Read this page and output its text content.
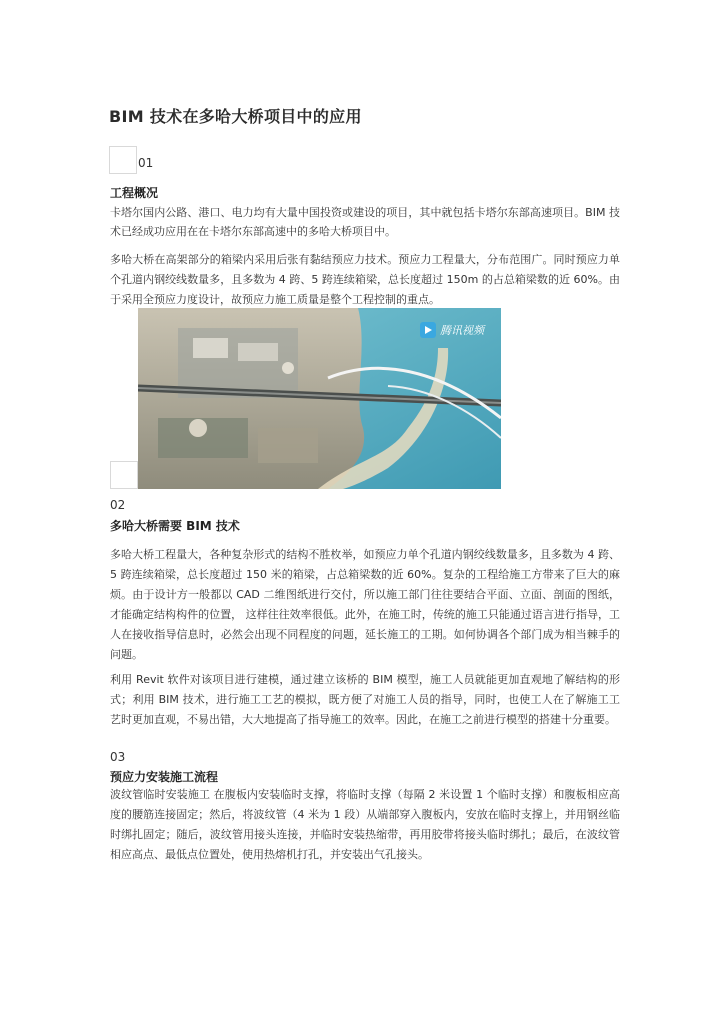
BIM 技术在多哈大桥项目中的应用
01
工程概况

卡塔尔国内公路、港口、电力均有大量中国投资或建设的项目，其中就包括卡塔尔东部高速项目。BIM 技术已经成功应用在在卡塔尔东部高速中的多哈大桥项目中。

多哈大桥在高架部分的箱梁内采用后张有黏结预应力技术。预应力工程量大，分布范围广。同时预应力单个孔道内钢绞线数量多，且多数为 4 跨、5 跨连续箱梁，总长度超过 150m 的占总箱梁数的近 60%。由于采用全预应力度设计，故预应力施工质量是整个工程控制的重点。

腾讯视频
02
多哈大桥需要 BIM 技术

多哈大桥工程量大，各种复杂形式的结构不胜枚举，如预应力单个孔道内钢绞线数量多，且多数为 4 跨、5 跨连续箱梁，总长度超过 150 米的箱梁，占总箱梁数的近 60%。复杂的工程给施工方带来了巨大的麻烦。由于设计方一般都以 CAD 二维图纸进行交付，所以施工部门往往要结合平面、立面、剖面的图纸，才能确定结构构件的位置， 这样往往效率很低。此外，在施工时，传统的施工只能通过语言进行指导，工人在接收指导信息时，必然会出现不同程度的问题，延长施工的工期。如何协调各个部门成为相当棘手的问题。

利用 Revit 软件对该项目进行建模，通过建立该桥的 BIM 模型，施工人员就能更加直观地了解结构的形式；利用 BIM 技术，进行施工工艺的模拟，既方便了对施工人员的指导，同时，也使工人在了解施工工艺时更加直观，不易出错，大大地提高了指导施工的效率。因此，在施工之前进行模型的搭建十分重要。

03
预应力安装施工流程

波纹管临时安装施工 在腹板内安装临时支撑，将临时支撑（每隔 2 米设置 1 个临时支撑）和腹板相应高度的腰筋连接固定；然后，将波纹管（4 米为 1 段）从端部穿入腹板内，安放在临时支撑上，并用钢丝临时绑扎固定；随后，波纹管用接头连接，并临时安装热缩带，再用胶带将接头临时绑扎；最后，在波纹管相应高点、最低点位置处，使用热熔机打孔，并安装出气孔接头。
